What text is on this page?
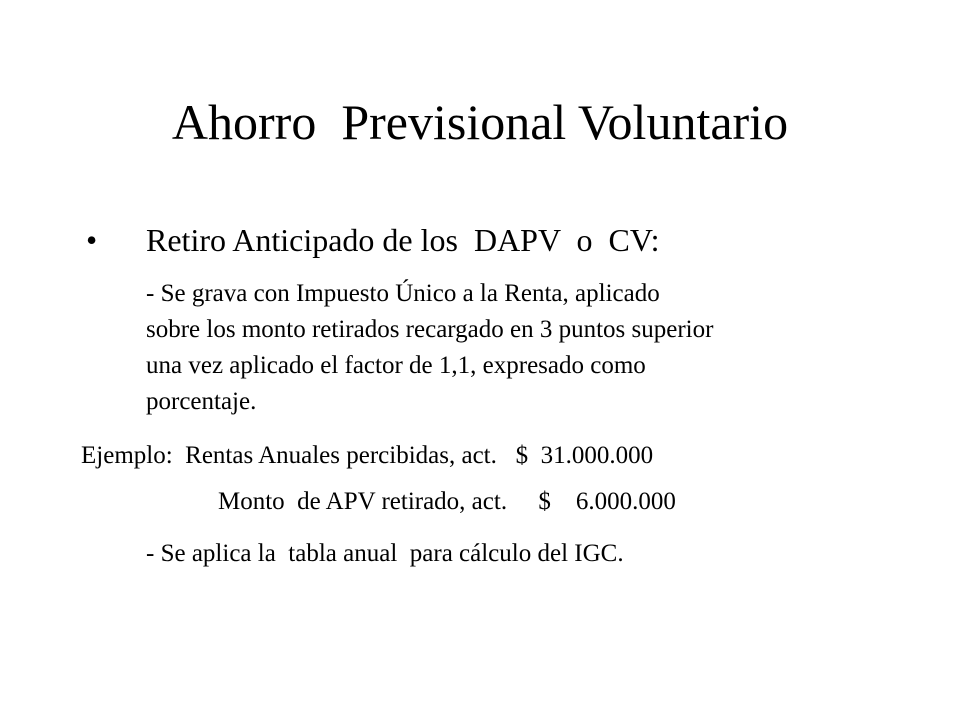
Ahorro  Previsional Voluntario

•

Retiro Anticipado de los  DAPV  o  CV:

- Se grava con Impuesto Único a la Renta, aplicado
sobre los monto retirados recargado en 3 puntos superior
una vez aplicado el factor de 1,1, expresado como
porcentaje.
Ejemplo:  Rentas Anuales percibidas, act.   $  31.000.000
Monto  de APV retirado, act.     $    6.000.000
- Se aplica la  tabla anual  para cálculo del IGC.
